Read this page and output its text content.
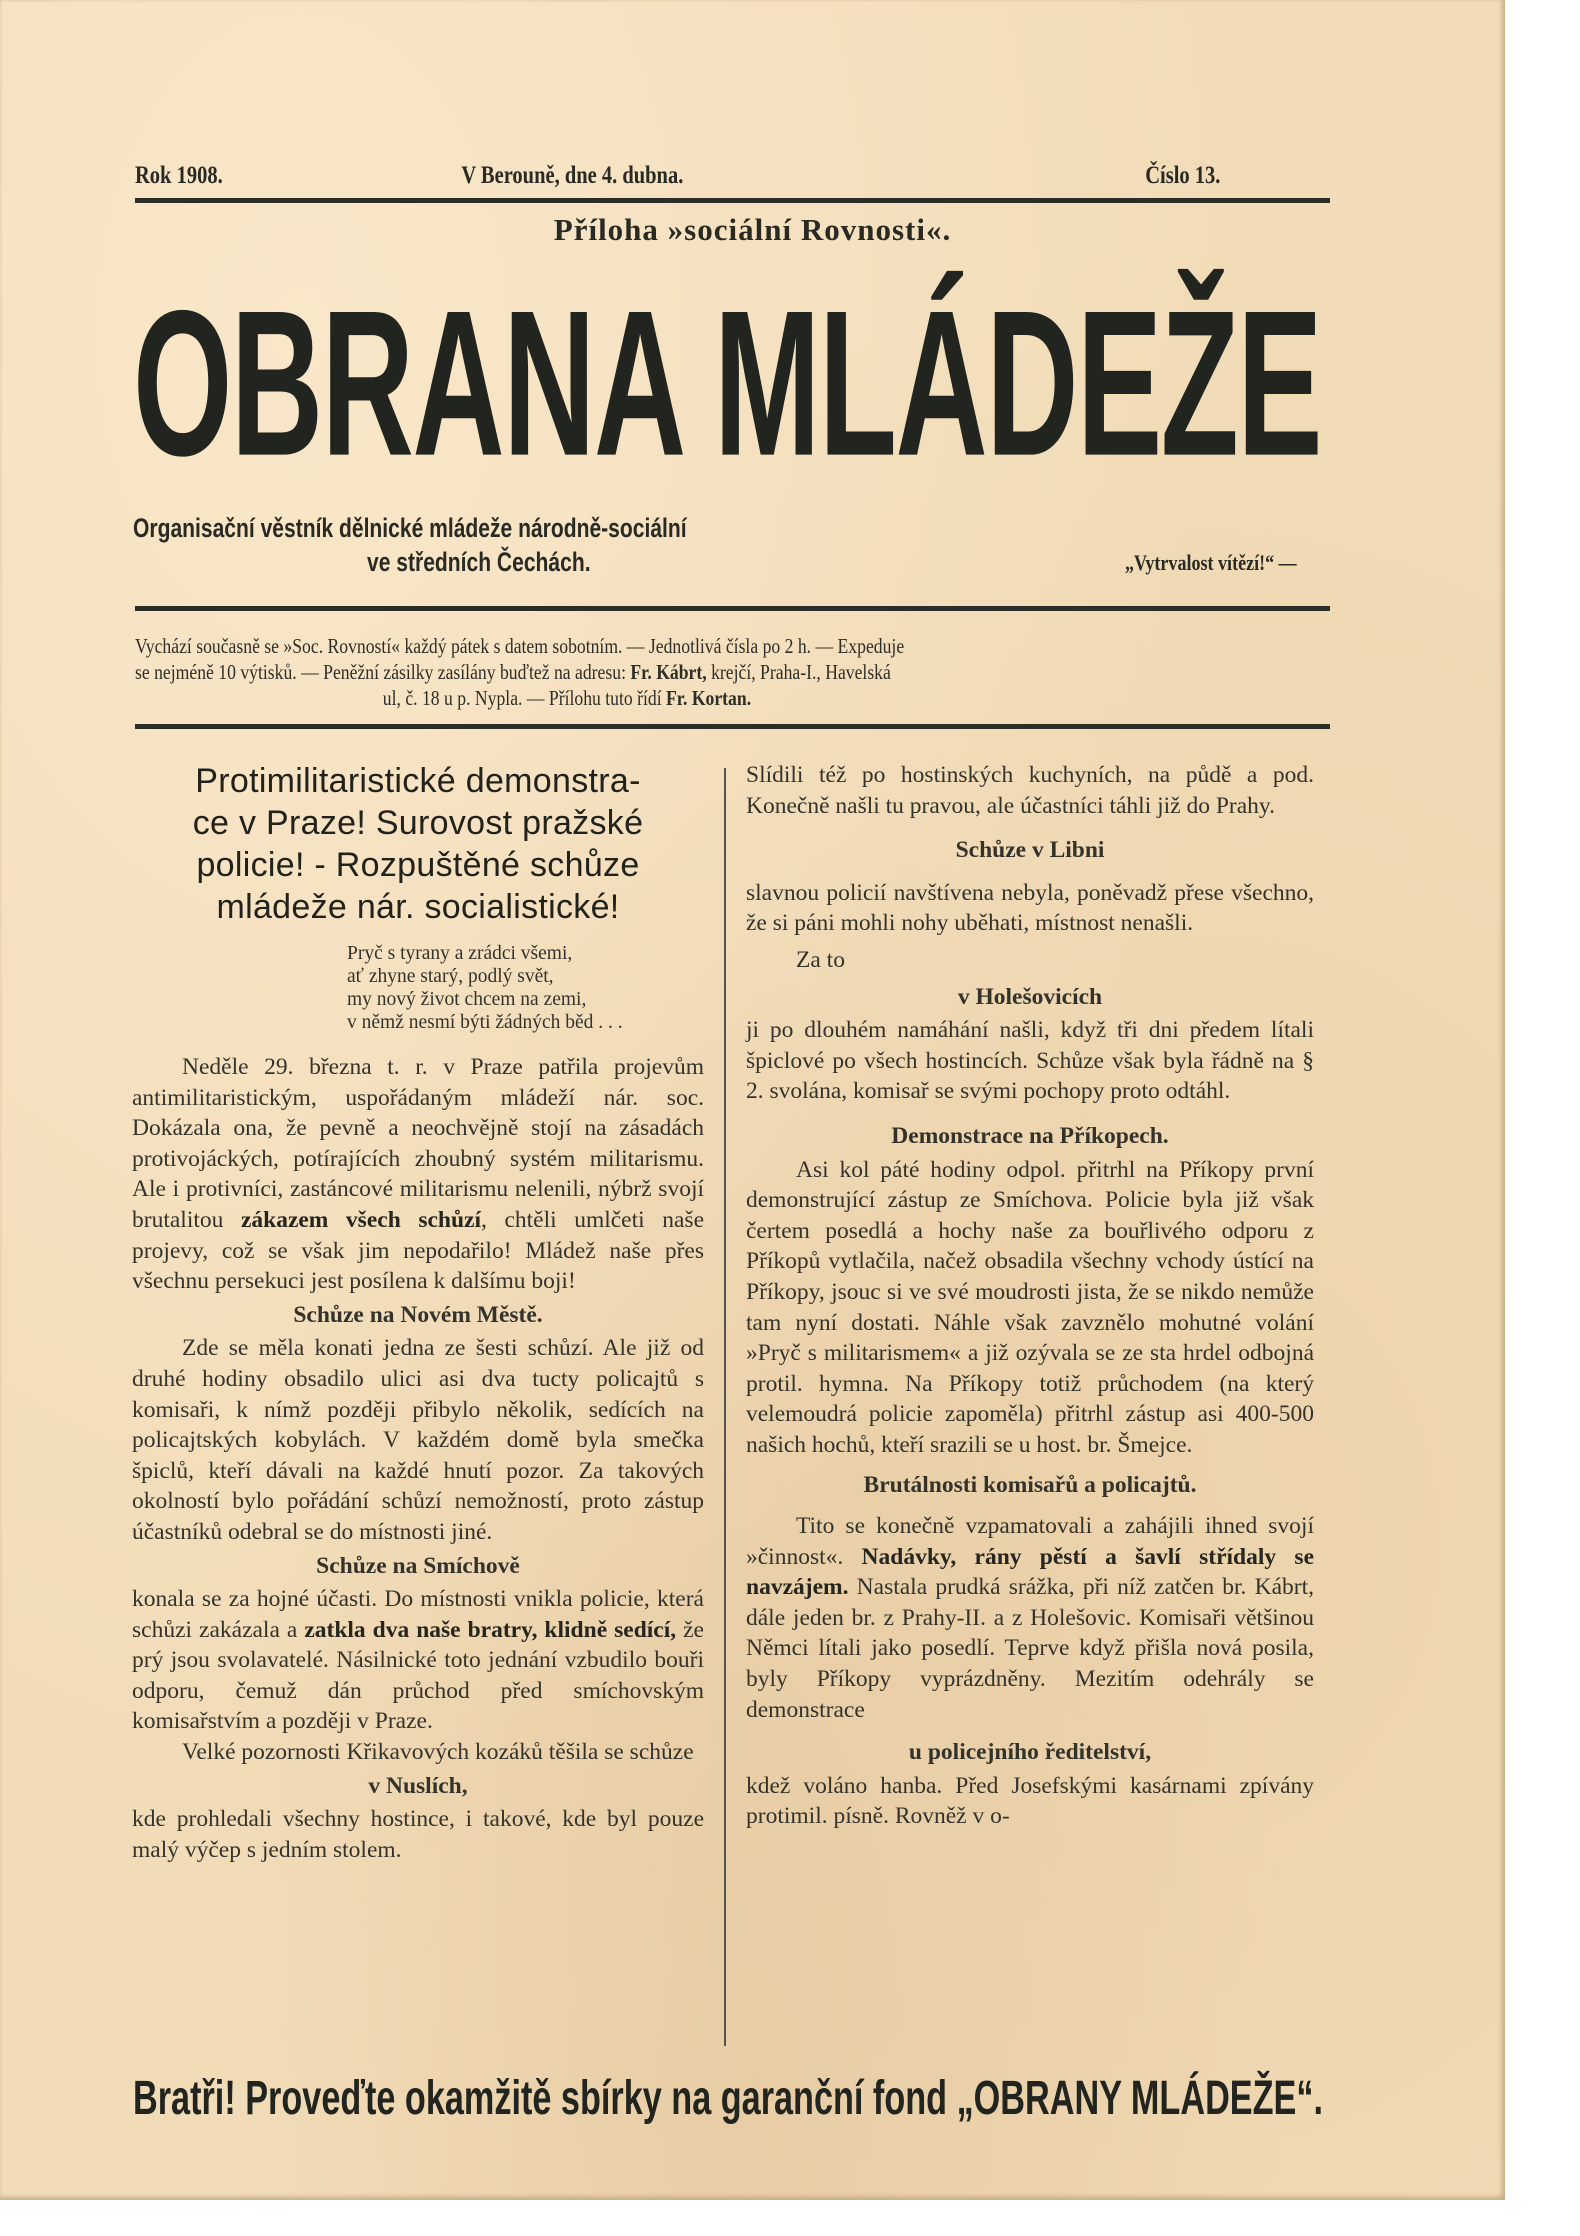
Rok 1908.	V Berouně, dne 4. dubna.	Číslo 13.
Příloha »sociální Rovnosti«.
OBRANA MLÁDEŽE
Organisační věstník dělnické mládeže národně-sociální
ve středních Čechách.	„Vytrvalost vítězí!“ —
Vychází současně se »Soc. Rovností« každý pátek s datem sobotním. — Jednotlivá čísla po 2 h. — Expeduje
se nejméně 10 výtisků. — Peněžní zásilky zasílány buďtež na adresu: Fr. Kábrt, krejčí, Praha-I., Havelská
ul, č. 18 u p. Nypla. — Přílohu tuto řídí Fr. Kortan.
Protimilitaristické demonstra-
ce v Praze! Surovost pražské
policie! - Rozpuštěné schůze
mládeže nár. socialistické!
Pryč s tyrany a zrádci všemi,
ať zhyne starý, podlý svět,
my nový život chcem na zemi,
v němž nesmí býti žádných běd . . .

Neděle 29. března t. r. v Praze patřila projevům antimilitaristickým, uspořádaným mládeží nár. soc. Dokázala ona, že pevně a neochvějně stojí na zásadách protivojáckých, potírajících zhoubný systém militarismu. Ale i protivníci, zastáncové militarismu nelenili, nýbrž svojí brutalitou zákazem všech schůzí, chtěli umlčeti naše projevy, což se však jim nepodařilo! Mládež naše přes všechnu persekuci jest posílena k dalšímu boji!

Schůze na Novém Městě.

Zde se měla konati jedna ze šesti schůzí. Ale již od druhé hodiny obsadilo ulici asi dva tucty policajtů s komisaři, k nímž později přibylo několik, sedících na policajtských kobylách. V každém domě byla smečka špiclů, kteří dávali na každé hnutí pozor. Za takových okolností bylo pořádání schůzí nemožností, proto zástup účastníků odebral se do místnosti jiné.

Schůze na Smíchově

konala se za hojné účasti. Do místnosti vnikla policie, která schůzi zakázala a zatkla dva naše bratry, klidně sedící, že prý jsou svolavatelé. Násilnické toto jednání vzbudilo bouři odporu, čemuž dán průchod před smíchovským komisařstvím a později v Praze.

Velké pozornosti Křikavových kozáků těšila se schůze

v Nuslích,

kde prohledali všechny hostince, i takové, kde byl pouze malý výčep s jedním stolem.

Slídili též po hostinských kuchyních, na půdě a pod. Konečně našli tu pravou, ale účastníci táhli již do Prahy.

Schůze v Libni

slavnou policií navštívena nebyla, poněvadž přese všechno, že si páni mohli nohy uběhati, místnost nenašli.

Za to

v Holešovicích

ji po dlouhém namáhání našli, když tři dni předem lítali špiclové po všech hostincích. Schůze však byla řádně na § 2. svolána, komisař se svými pochopy proto odtáhl.

Demonstrace na Příkopech.

Asi kol páté hodiny odpol. přitrhl na Příkopy první demonstrující zástup ze Smíchova. Policie byla již však čertem posedlá a hochy naše za bouřlivého odporu z Příkopů vytlačila, načež obsadila všechny vchody ústící na Příkopy, jsouc si ve své moudrosti jista, že se nikdo nemůže tam nyní dostati. Náhle však zavznělo mohutné volání »Pryč s militarismem« a již ozývala se ze sta hrdel odbojná protil. hymna. Na Příkopy totiž průchodem (na který velemoudrá policie zapoměla) přitrhl zástup asi 400-500 našich hochů, kteří srazili se u host. br. Šmejce.

Brutálnosti komisařů a policajtů.

Tito se konečně vzpamatovali a zahájili ihned svojí »činnost«. Nadávky, rány pěstí a šavlí střídaly se navzájem. Nastala prudká srážka, při níž zatčen br. Kábrt, dále jeden br. z Prahy-II. a z Holešovic. Komisaři většinou Němci lítali jako posedlí. Teprve když přišla nová posila, byly Příkopy vyprázdněny. Mezitím odehrály se demonstrace

u policejního ředitelství,

kdež voláno hanba. Před Josefskými kasárnami zpívány protimil. písně. Rovněž v o-

Bratři! Proveďte okamžitě sbírky na garanční fond „OBRANY MLÁDEŽE“.
